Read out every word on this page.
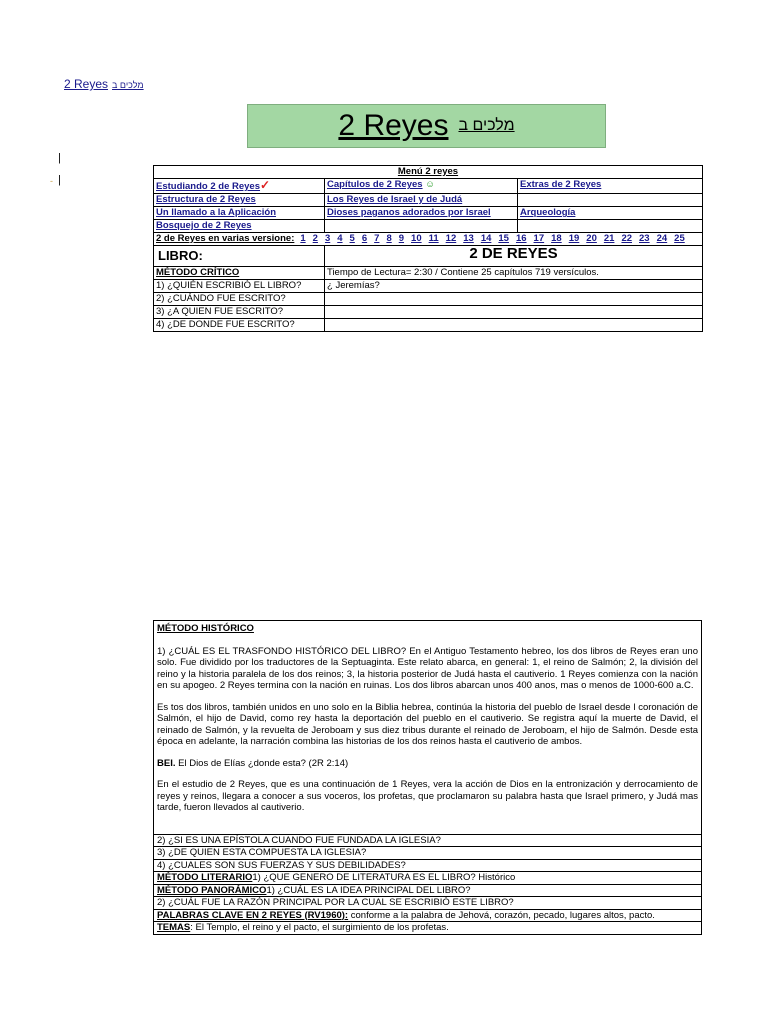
2 Reyes מלכים ב
2 Reyes מלכים ב
|
|
-
Menú 2 reyes		
Estudiando 2 de Reyes✓	Capítulos de 2 Reyes ☺	Extras de 2 Reyes
Estructura de 2 Reyes	Los Reyes de Israel y de Judá	
Un llamado a la Aplicación	Dioses paganos adorados por Israel	Arqueología
Bosquejo de 2 Reyes		
2 de Reyes en varias versione: 1 2 3 4 5 6 7 8 9 10 11 12 13 14 15 16 17 18 19 20 21 22 23 24 25		
LIBRO:	2 DE REYES	
MÉTODO CRÍTICO	Tiempo de Lectura= 2:30 / Contiene 25 capítulos 719 versículos.	
1) ¿QUIÉN ESCRIBIÓ EL LIBRO?	¿ Jeremías?	
2) ¿CUÁNDO FUE ESCRITO?		
3) ¿A QUIEN FUE ESCRITO?		
4) ¿DE DONDE FUE ESCRITO?		
MÉTODO HISTÓRICO

1) ¿CUÁL ES EL TRASFONDO HISTÓRICO DEL LIBRO? En el Antiguo Testamento hebreo, los dos libros de Reyes eran uno solo. Fue dividido por los traductores de la Septuaginta. Este relato abarca, en general: 1, el reino de Salmón; 2, la división del reino y la historia paralela de los dos reinos; 3, la historia posterior de Judá hasta el cautiverio. 1 Reyes comienza con la nación en su apogeo. 2 Reyes termina con la nación en ruinas. Los dos libros abarcan unos 400 anos, mas o menos de 1000-600 a.C.

Es tos dos libros, también unidos en uno solo en la Biblia hebrea, continúa la historia del pueblo de Israel desde l coronación de Salmón, el hijo de David, como rey hasta la deportación del pueblo en el cautiverio. Se registra aquí la muerte de David, el reinado de Salmón, y la revuelta de Jeroboam y sus diez tribus durante el reinado de Jeroboam, el hijo de Salmón. Desde esta época en adelante, la narración combina las historias de los dos reinos hasta el cautiverio de ambos.

BEI. El Dios de Elías ¿donde esta? (2R 2:14)

En el estudio de 2 Reyes, que es una continuación de 1 Reyes, vera la acción de Dios en la entronización y derrocamiento de reyes y reinos, llegara a conocer a sus voceros, los profetas, que proclamaron su palabra hasta que Israel primero, y Judá mas tarde, fueron llevados al cautiverio.

2) ¿SI ES UNA EPÍSTOLA CUANDO FUE FUNDADA LA IGLESIA?
3) ¿DE QUIEN ESTA COMPUESTA LA IGLESIA?
4) ¿CUALES SON SUS FUERZAS Y SUS DEBILIDADES?
MÉTODO LITERARIO1) ¿QUE GENERO DE LITERATURA ES EL LIBRO? Histórico
MÉTODO PANORÁMICO1) ¿CUÁL ES LA IDEA PRINCIPAL DEL LIBRO?
2) ¿CUÁL FUE LA RAZÓN PRINCIPAL POR LA CUAL SE ESCRIBIÓ ESTE LIBRO?
PALABRAS CLAVE EN 2 REYES (RV1960): conforme a la palabra de Jehová, corazón, pecado, lugares altos, pacto.
TEMAS: El Templo, el reino y el pacto, el surgimiento de los profetas.
